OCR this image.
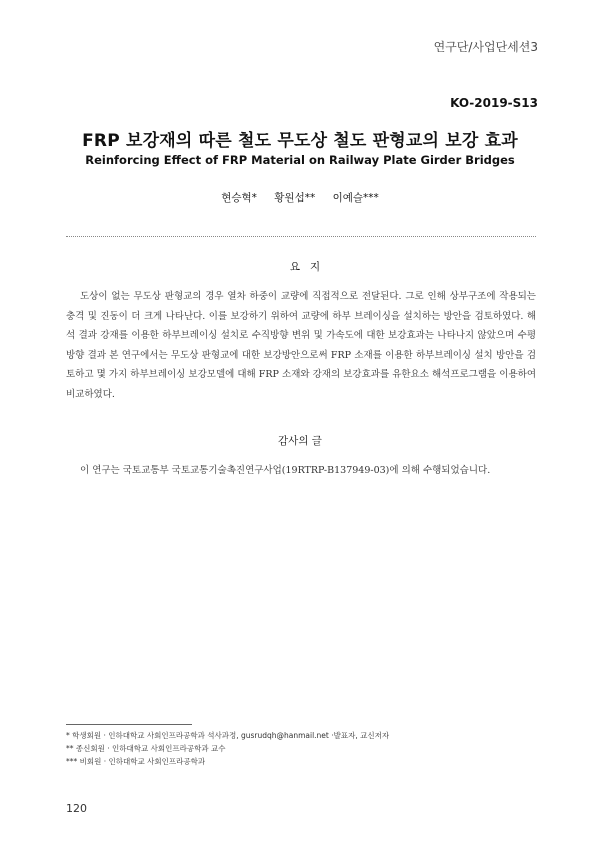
연구단/사업단세션3
KO-2019-S13
FRP 보강재의 따른 철도 무도상 철도 판형교의 보강 효과
Reinforcing Effect of FRP Material on Railway Plate Girder Bridges
현승혁* 황원섭** 이예슬***
요지
도상이 없는 무도상 판형교의 경우 열차 하중이 교량에 직접적으로 전달된다. 그로 인해 상부구조에 작용되는 충격 및 진동이 더 크게 나타난다. 이를 보강하기 위하여 교량에 하부 브레이싱을 설치하는 방안을 검토하였다. 해석 결과 강재를 이용한 하부브레이싱 설치로 수직방향 변위 및 가속도에 대한 보강효과는 나타나지 않았으며 수평방향 결과 본 연구에서는 무도상 판형교에 대한 보강방안으로써 FRP 소재를 이용한 하부브레이싱 설치 방안을 검토하고 몇 가지 하부브레이싱 보강모델에 대해 FRP 소재와 강재의 보강효과를 유한요소 해석프로그램을 이용하여 비교하였다.
감사의 글
이 연구는 국토교통부 국토교통기술촉진연구사업(19RTRP-B137949-03)에 의해 수행되었습니다.
* 학생회원 · 인하대학교 사회인프라공학과 석사과정, gusrudqh@hanmail.net ·발표자, 교신저자
** 종신회원 · 인하대학교 사회인프라공학과 교수
*** 비회원 · 인하대학교 사회인프라공학과
120
